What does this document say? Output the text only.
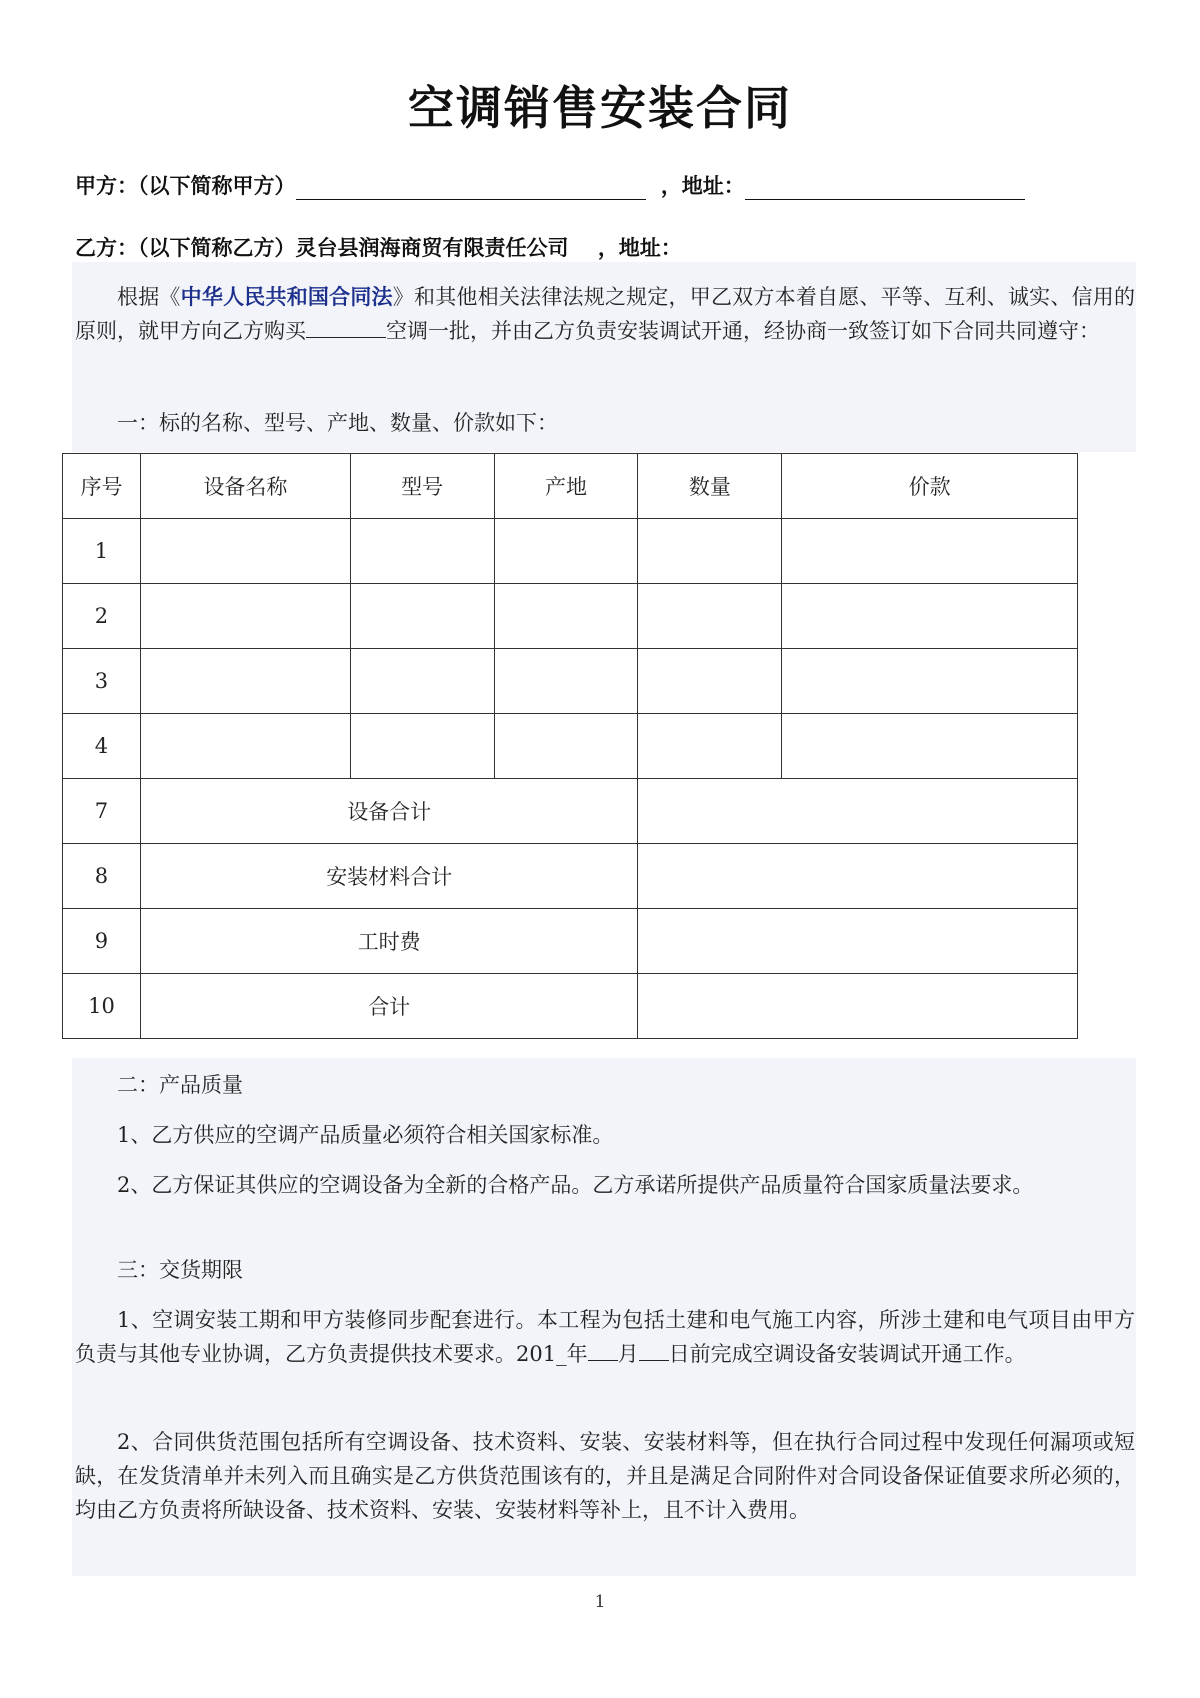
空调销售安装合同
甲方：（以下简称甲方）	，地址：
乙方：（以下简称乙方）灵台县润海商贸有限责任公司 ，地址：
根据《中华人民共和国合同法》和其他相关法律法规之规定，甲乙双方本着自愿、平等、互利、诚实、信用的原则，就甲方向乙方购买	空调一批，并由乙方负责安装调试开通，经协商一致签订如下合同共同遵守：
一：标的名称、型号、产地、数量、价款如下：
序号	设备名称	型号	产地	数量	价款
1					
2					
3					
4					
7	设备合计				
8	安装材料合计				
9	工时费				
10	合计				
二：产品质量
1、乙方供应的空调产品质量必须符合相关国家标准。
2、乙方保证其供应的空调设备为全新的合格产品。乙方承诺所提供产品质量符合国家质量法要求。
三：交货期限
1、空调安装工期和甲方装修同步配套进行。本工程为包括土建和电气施工内容，所涉土建和电气项目由甲方负责与其他专业协调，乙方负责提供技术要求。201_年 月 日前完成空调设备安装调试开通工作。
2、合同供货范围包括所有空调设备、技术资料、安装、安装材料等，但在执行合同过程中发现任何漏项或短缺，在发货清单并未列入而且确实是乙方供货范围该有的，并且是满足合同附件对合同设备保证值要求所必须的，均由乙方负责将所缺设备、技术资料、安装、安装材料等补上，且不计入费用。
1
